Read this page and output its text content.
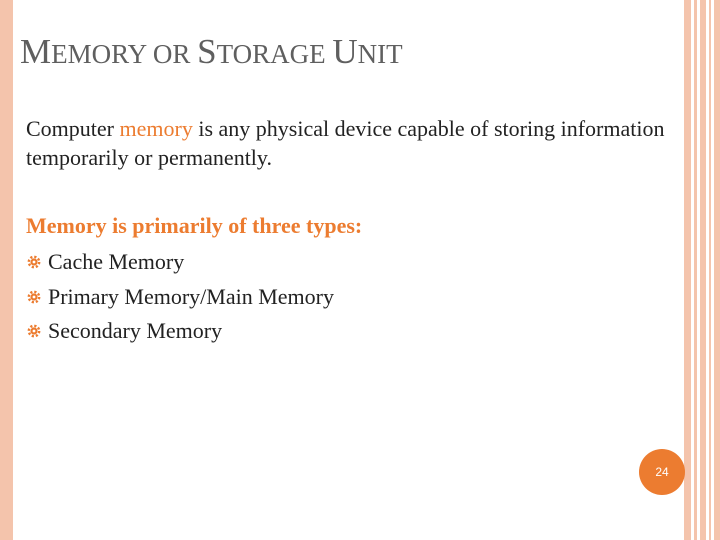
MEMORY OR STORAGE UNIT

Computer memory is any physical device capable of storing information temporarily or permanently.

Memory is primarily of three types:

Cache Memory
Primary Memory/Main Memory
Secondary Memory
24
